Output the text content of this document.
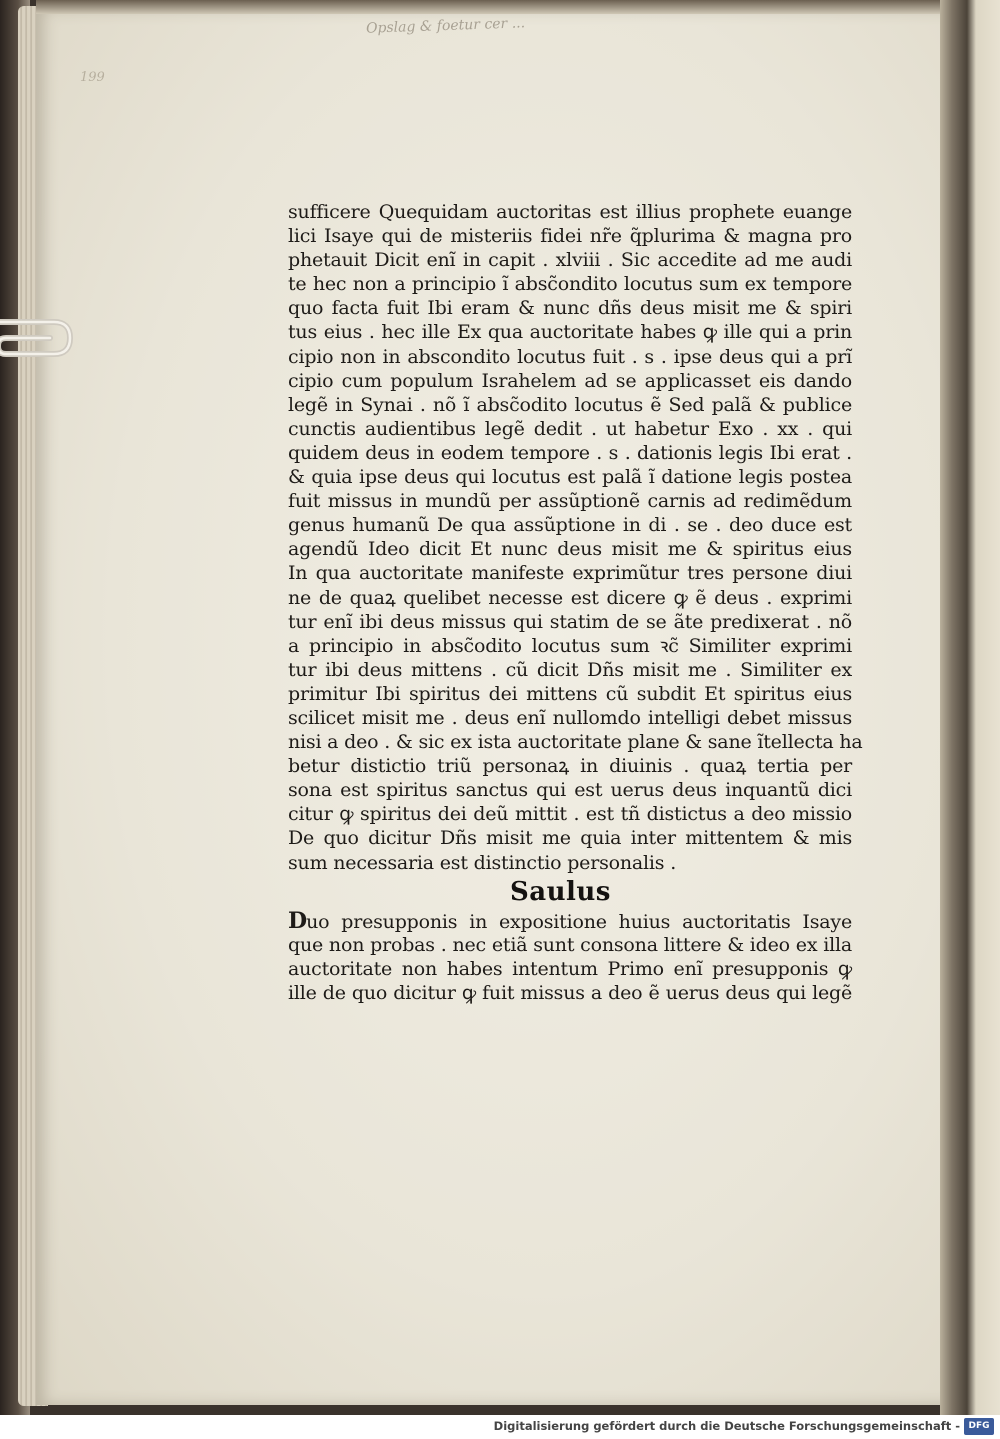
Opslag & foetur cer ...
199
sufficere Quequidam auctoritas est illius prophete euange
lici Isaye qui de misteriis fidei nr̃e q̃plurima & magna pro
phetauit Dicit enĩ in capit . xlviii . Sic accedite ad me audi
te hec non a principio ĩ absc̃ondito locutus sum ex tempore
quo facta fuit Ibi eram & nunc dñs deus misit me & spiri
tus eius . hec ille Ex qua auctoritate habes ꝙ ille qui a prin
cipio non in abscondito locutus fuit . s . ipse deus qui a prĩ
cipio cum populum Israhelem ad se applicasset eis dando
legẽ in Synai . nõ ĩ absc̃odito locutus ẽ Sed palã & publice
cunctis audientibus legẽ dedit . ut habetur Exo . xx . qui
quidem deus in eodem tempore . s . dationis legis Ibi erat .
& quia ipse deus qui locutus est palã ĩ datione legis postea
fuit missus in mundũ per assũptionẽ carnis ad redimẽdum
genus humanũ De qua assũptione in di . se . deo duce est
agendũ Ideo dicit Et nunc deus misit me & spiritus eius
In qua auctoritate manifeste exprimũtur tres persone diui
ne de quaꝝ quelibet necesse est dicere ꝙ ẽ deus . exprimi
tur enĩ ibi deus missus qui statim de se ãte predixerat . nõ
a principio in absc̃odito locutus sum ꝛc̃ Similiter exprimi
tur ibi deus mittens . cũ dicit Dñs misit me . Similiter ex
primitur Ibi spiritus dei mittens cũ subdit Et spiritus eius
scilicet misit me . deus enĩ nullomdo intelligi debet missus
nisi a deo . & sic ex ista auctoritate plane & sane ĩtellecta ha
betur distictio triũ personaꝝ in diuinis . quaꝝ tertia per
sona est spiritus sanctus qui est uerus deus inquantũ dici
citur ꝙ spiritus dei deũ mittit . est tñ distictus a deo missio
De quo dicitur Dñs misit me quia inter mittentem & mis
sum necessaria est distinctio personalis .
Saulus
Duo presupponis in expositione huius auctoritatis Isaye
que non probas . nec etiã sunt consona littere & ideo ex illa
auctoritate non habes intentum Primo enĩ presupponis ꝙ
ille de quo dicitur ꝙ fuit missus a deo ẽ uerus deus qui legẽ
Digitalisierung gefördert durch die Deutsche Forschungsgemeinschaft - DFG
